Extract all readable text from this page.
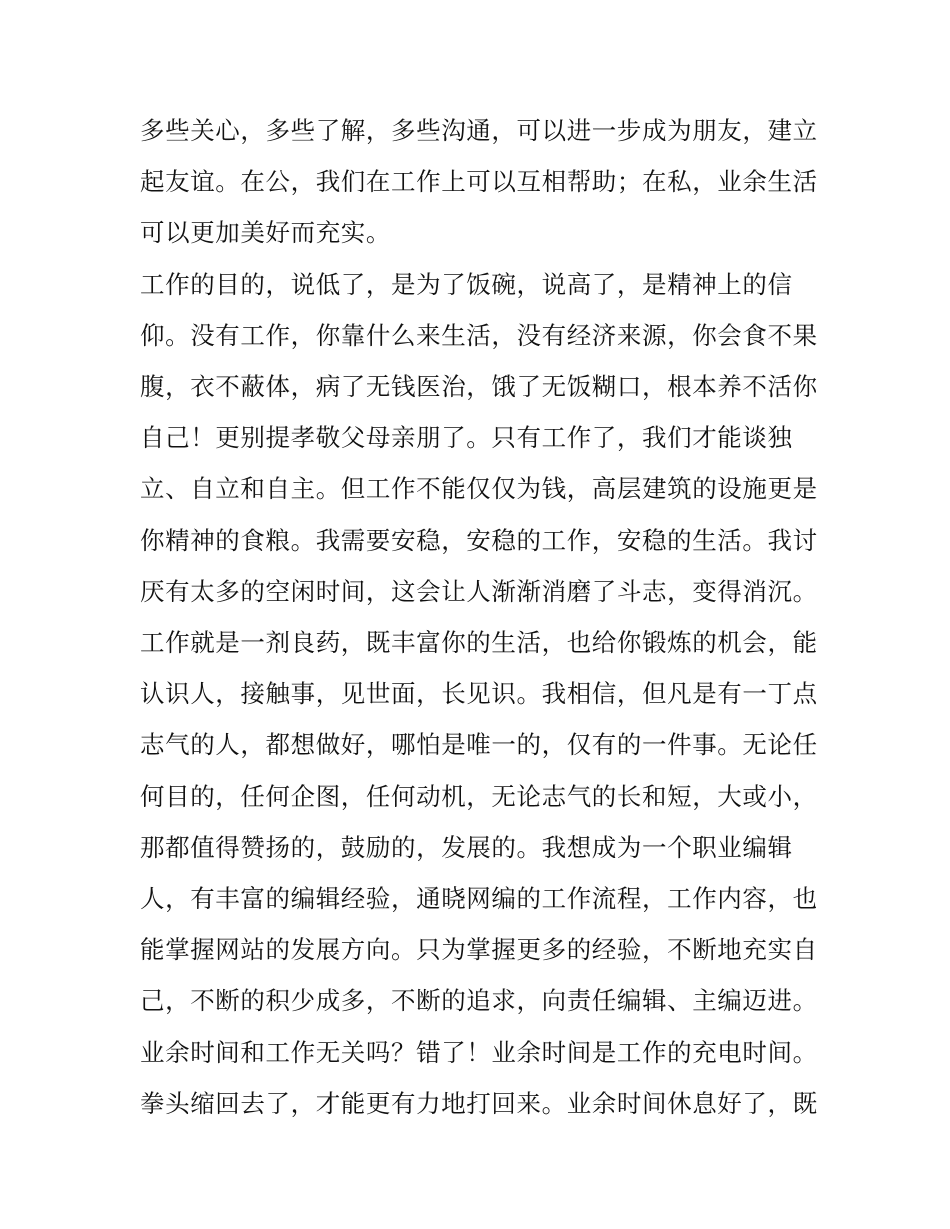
多些关心，多些了解，多些沟通，可以进一步成为朋友，建立
起友谊。在公，我们在工作上可以互相帮助；在私，业余生活
可以更加美好而充实。
工作的目的，说低了，是为了饭碗，说高了，是精神上的信
仰。没有工作，你靠什么来生活，没有经济来源，你会食不果
腹，衣不蔽体，病了无钱医治，饿了无饭糊口，根本养不活你
自己！更别提孝敬父母亲朋了。只有工作了，我们才能谈独
立、自立和自主。但工作不能仅仅为钱，高层建筑的设施更是
你精神的食粮。我需要安稳，安稳的工作，安稳的生活。我讨
厌有太多的空闲时间，这会让人渐渐消磨了斗志，变得消沉。
工作就是一剂良药，既丰富你的生活，也给你锻炼的机会，能
认识人，接触事，见世面，长见识。我相信，但凡是有一丁点
志气的人，都想做好，哪怕是唯一的，仅有的一件事。无论任
何目的，任何企图，任何动机，无论志气的长和短，大或小，
那都值得赞扬的，鼓励的，发展的。我想成为一个职业编辑
人，有丰富的编辑经验，通晓网编的工作流程，工作内容，也
能掌握网站的发展方向。只为掌握更多的经验，不断地充实自
己，不断的积少成多，不断的追求，向责任编辑、主编迈进。
业余时间和工作无关吗？错了！业余时间是工作的充电时间。
拳头缩回去了，才能更有力地打回来。业余时间休息好了，既
